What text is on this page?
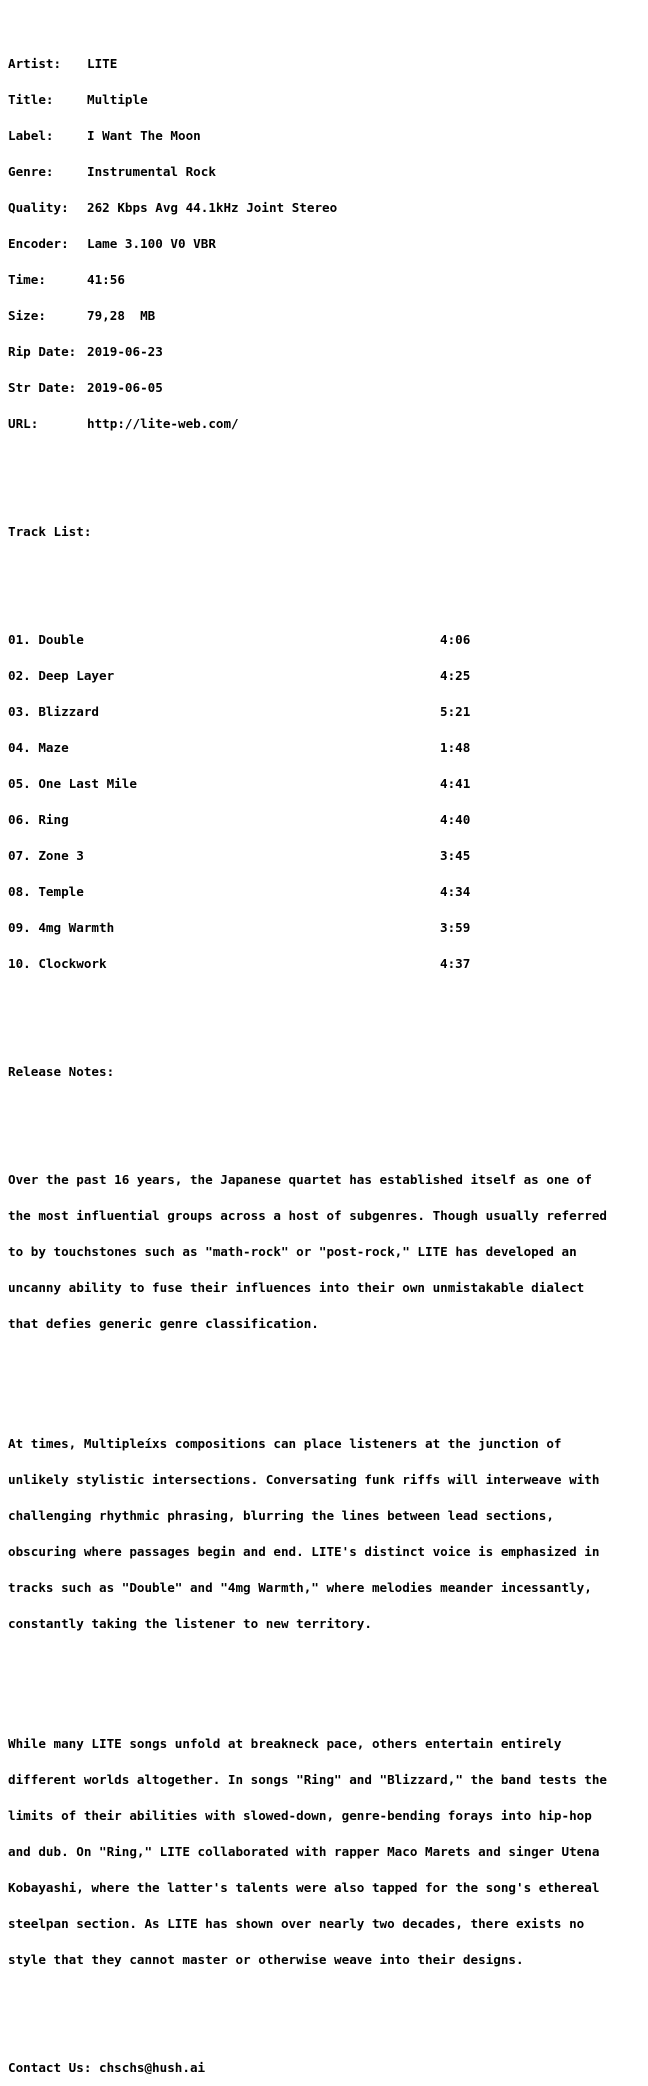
Artist: LITE

Title:	Multiple

Label:	I Want The Moon

Genre:	Instrumental Rock

Quality: 262 Kbps Avg 44.1kHz Joint Stereo

Encoder: Lame 3.100 V0 VBR

Time:	41:56

Size:	79,28  MB

Rip Date: 2019-06-23

Str Date: 2019-06-05

URL:	http://lite-web.com/

Track List:

01. Double	4:06

02. Deep Layer	4:25

03. Blizzard	5:21

04. Maze	1:48

05. One Last Mile	4:41

06. Ring	4:40

07. Zone 3	3:45

08. Temple	4:34

09. 4mg Warmth	3:59

10. Clockwork	4:37

Release Notes:

Over the past 16 years, the Japanese quartet has established itself as one of

the most influential groups across a host of subgenres. Though usually referred

to by touchstones such as "math-rock" or "post-rock," LITE has developed an

uncanny ability to fuse their influences into their own unmistakable dialect

that defies generic genre classification.

At times, Multipleíxs compositions can place listeners at the junction of

unlikely stylistic intersections. Conversating funk riffs will interweave with

challenging rhythmic phrasing, blurring the lines between lead sections,

obscuring where passages begin and end. LITE's distinct voice is emphasized in

tracks such as "Double" and "4mg Warmth," where melodies meander incessantly,

constantly taking the listener to new territory.

While many LITE songs unfold at breakneck pace, others entertain entirely

different worlds altogether. In songs "Ring" and "Blizzard," the band tests the

limits of their abilities with slowed-down, genre-bending forays into hip-hop

and dub. On "Ring," LITE collaborated with rapper Maco Marets and singer Utena

Kobayashi, where the latter's talents were also tapped for the song's ethereal

steelpan section. As LITE has shown over nearly two decades, there exists no

style that they cannot master or otherwise weave into their designs.

Contact Us: chschs@hush.ai
